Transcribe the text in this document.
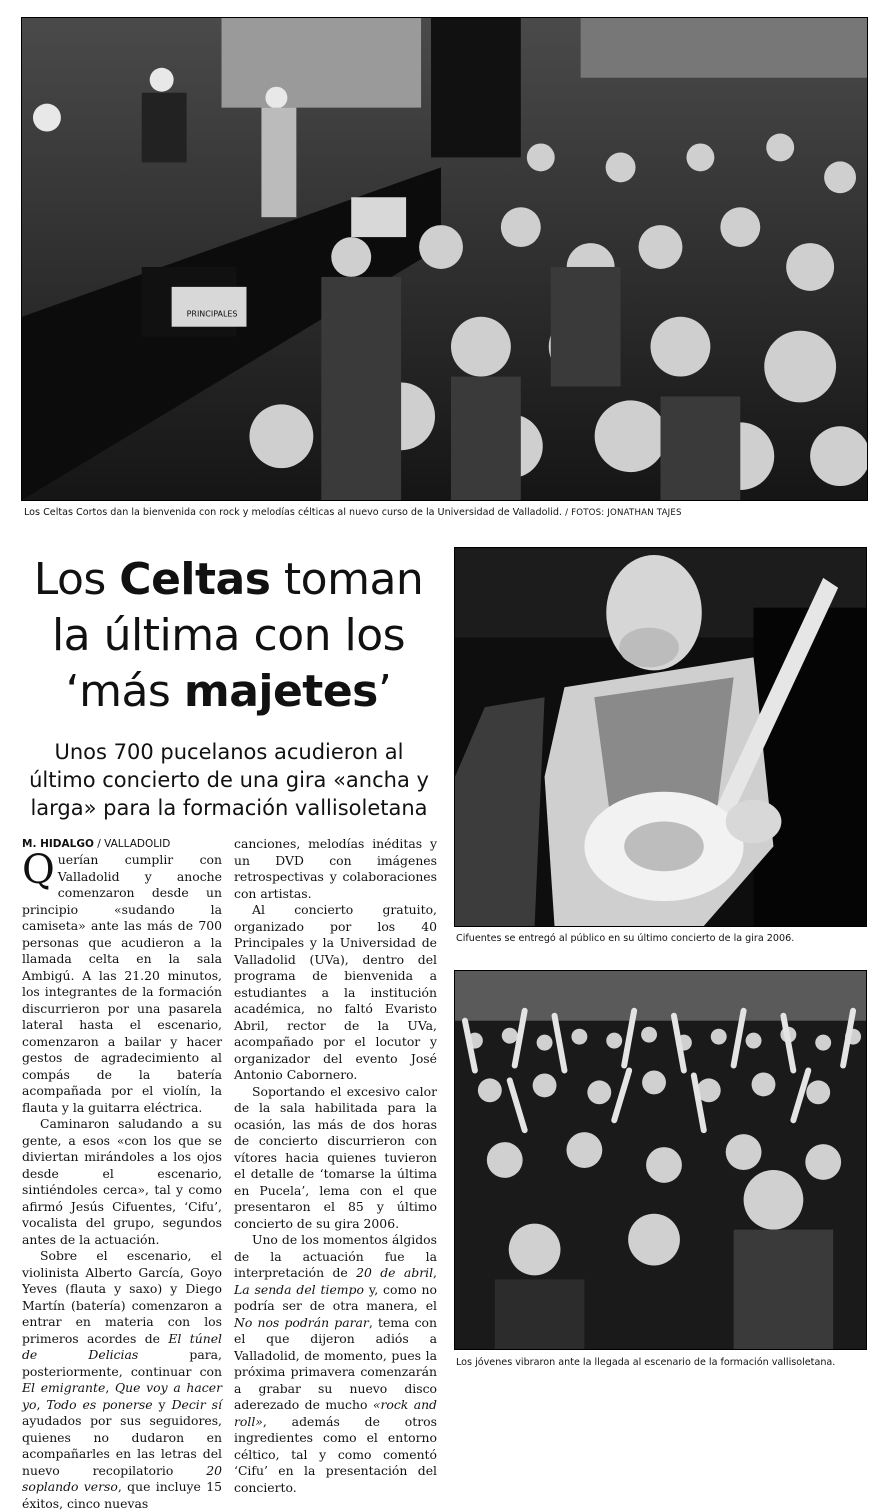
PRINCIPALES
Los Celtas Cortos dan la bienvenida con rock y melodías célticas al nuevo curso de la Universidad de Valladolid. / FOTOS: JONATHAN TAJES
Los Celtas toman
la última con los
‘más majetes’

Unos 700 pucelanos acudieron al último concierto de una gira «ancha y larga» para la formación vallisoletana

M. HIDALGO / VALLADOLID

Querían cumplir con Valladolid y anoche comenzaron desde un principio «sudando la camiseta» ante las más de 700 personas que acudieron a la llamada celta en la sala Ambigú. A las 21.20 minutos, los integrantes de la formación discurrieron por una pasarela lateral hasta el escenario, comenzaron a bailar y hacer gestos de agradecimiento al compás de la batería acompañada por el violín, la flauta y la guitarra eléctrica.

Caminaron saludando a su gente, a esos «con los que se diviertan mirándoles a los ojos desde el escenario, sintiéndoles cerca», tal y como afirmó Jesús Cifuentes, ‘Cifu’, vocalista del grupo, segundos antes de la actuación.

Sobre el escenario, el violinista Alberto García, Goyo Yeves (flauta y saxo) y Diego Martín (batería) comenzaron a entrar en materia con los primeros acordes de El túnel de Delicias para, posteriormente, continuar con El emigrante, Que voy a hacer yo, Todo es ponerse y Decir sí ayudados por sus seguidores, quienes no dudaron en acompañarles en las letras del nuevo recopilatorio 20 soplando verso, que incluye 15 éxitos, cinco nuevas

canciones, melodías inéditas y un DVD con imágenes retrospectivas y colaboraciones con artistas.

Al concierto gratuito, organizado por los 40 Principales y la Universidad de Valladolid (UVa), dentro del programa de bienvenida a estudiantes a la institución académica, no faltó Evaristo Abril, rector de la UVa, acompañado por el locutor y organizador del evento José Antonio Cabornero.

Soportando el excesivo calor de la sala habilitada para la ocasión, las más de dos horas de concierto discurrieron con vítores hacia quienes tuvieron el detalle de ‘tomarse la última en Pucela’, lema con el que presentaron el 85 y último concierto de su gira 2006.

Uno de los momentos álgidos de la actuación fue la interpretación de 20 de abril, La senda del tiempo y, como no podría ser de otra manera, el No nos podrán parar, tema con el que dijeron adiós a Valladolid, de momento, pues la próxima primavera comenzarán a grabar su nuevo disco aderezado de mucho «rock and roll», además de otros ingredientes como el entorno céltico, tal y como comentó ‘Cifu’ en la presentación del concierto.

Cifuentes se entregó al público en su último concierto de la gira 2006.
Los jóvenes vibraron ante la llegada al escenario de la formación vallisoletana.
